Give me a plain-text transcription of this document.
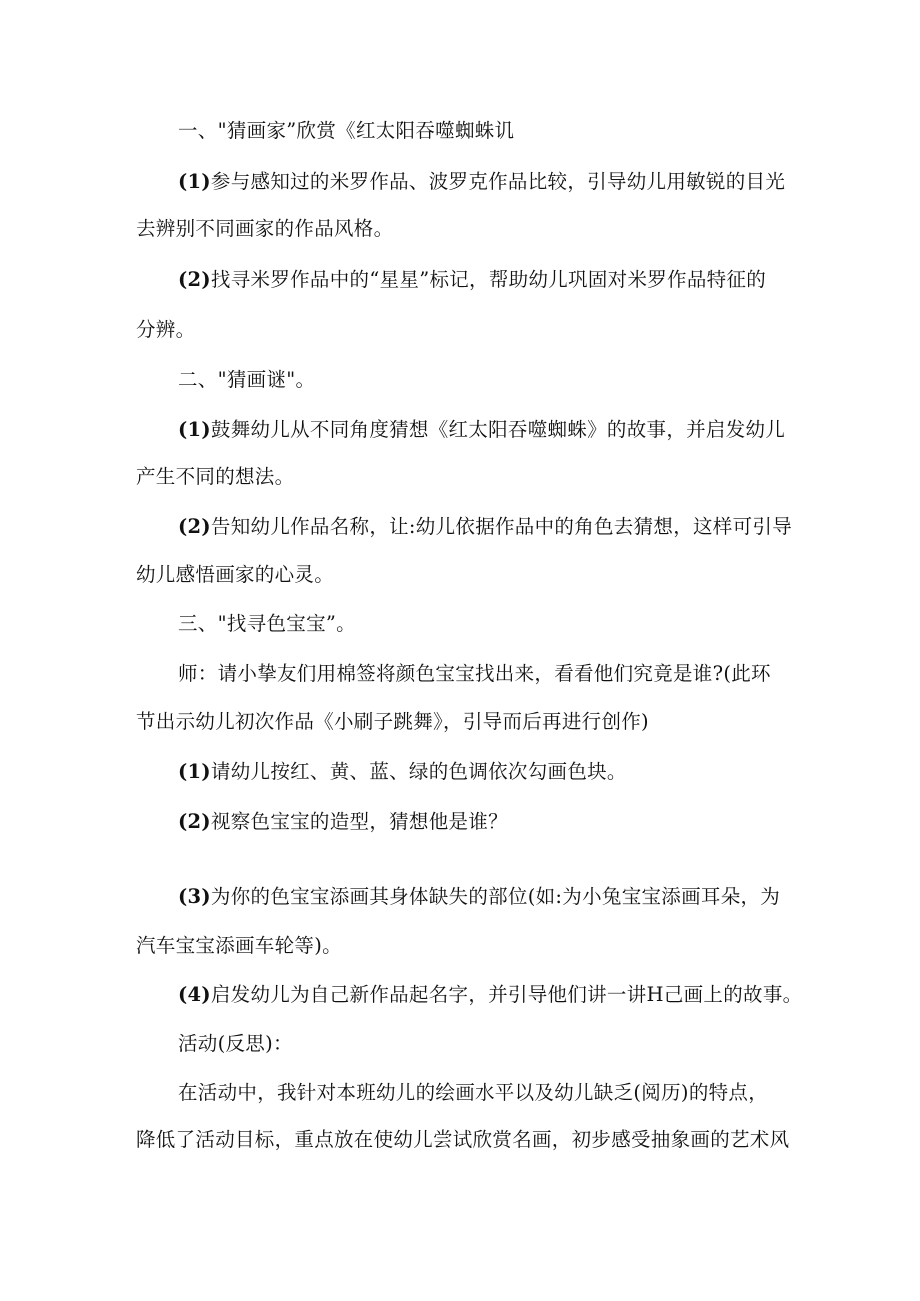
一、"猜画家”欣赏《红太阳吞噬蜘蛛讥
(1)参与感知过的米罗作品、波罗克作品比较，引导幼儿用敏锐的目光
去辨别不同画家的作品风格。
(2)找寻米罗作品中的“星星”标记，帮助幼儿巩固对米罗作品特征的
分辨。
二、"猜画谜"。
(1)鼓舞幼儿从不同角度猜想《红太阳吞噬蜘蛛》的故事，并启发幼儿
产生不同的想法。
(2)告知幼儿作品名称，让:幼儿依据作品中的角色去猜想，这样可引导
幼儿感悟画家的心灵。
三、"找寻色宝宝”。
师：请小挚友们用棉签将颜色宝宝找出来，看看他们究竟是谁?(此环
节出示幼儿初次作品《小刷子跳舞》，引导而后再进行创作)
(1)请幼儿按红、黄、蓝、绿的色调依次勾画色块。
(2)视察色宝宝的造型，猜想他是谁？
(3)为你的色宝宝添画其身体缺失的部位(如:为小兔宝宝添画耳朵，为
汽车宝宝添画车轮等)。
(4)启发幼儿为自己新作品起名字，并引导他们讲一讲H己画上的故事。
活动(反思)：
在活动中，我针对本班幼儿的绘画水平以及幼儿缺乏(阅历)的特点，
降低了活动目标，重点放在使幼儿尝试欣赏名画，初步感受抽象画的艺术风
